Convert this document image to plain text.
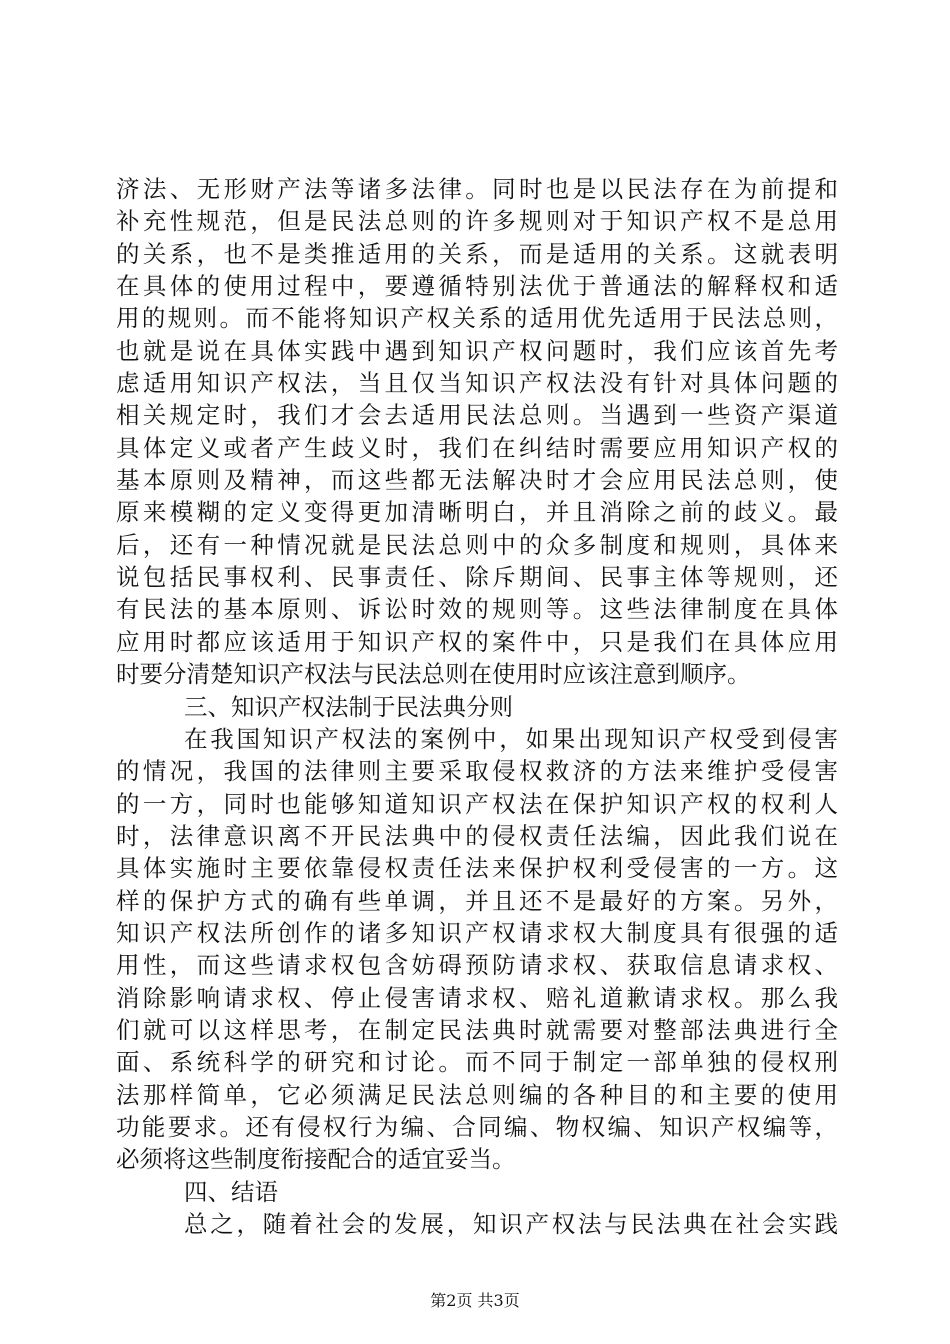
济法、无形财产法等诸多法律。同时也是以民法存在为前提和
补充性规范，但是民法总则的许多规则对于知识产权不是总用
的关系，也不是类推适用的关系，而是适用的关系。这就表明
在具体的使用过程中，要遵循特别法优于普通法的解释权和适
用的规则。而不能将知识产权关系的适用优先适用于民法总则，
也就是说在具体实践中遇到知识产权问题时，我们应该首先考
虑适用知识产权法，当且仅当知识产权法没有针对具体问题的
相关规定时，我们才会去适用民法总则。当遇到一些资产渠道
具体定义或者产生歧义时，我们在纠结时需要应用知识产权的
基本原则及精神，而这些都无法解决时才会应用民法总则，使
原来模糊的定义变得更加清晰明白，并且消除之前的歧义。最
后，还有一种情况就是民法总则中的众多制度和规则，具体来
说包括民事权利、民事责任、除斥期间、民事主体等规则，还
有民法的基本原则、诉讼时效的规则等。这些法律制度在具体
应用时都应该适用于知识产权的案件中，只是我们在具体应用
时要分清楚知识产权法与民法总则在使用时应该注意到顺序。
三、知识产权法制于民法典分则
在我国知识产权法的案例中，如果出现知识产权受到侵害
的情况，我国的法律则主要采取侵权救济的方法来维护受侵害
的一方，同时也能够知道知识产权法在保护知识产权的权利人
时，法律意识离不开民法典中的侵权责任法编，因此我们说在
具体实施时主要依靠侵权责任法来保护权利受侵害的一方。这
样的保护方式的确有些单调，并且还不是最好的方案。另外，
知识产权法所创作的诸多知识产权请求权大制度具有很强的适
用性，而这些请求权包含妨碍预防请求权、获取信息请求权、
消除影响请求权、停止侵害请求权、赔礼道歉请求权。那么我
们就可以这样思考，在制定民法典时就需要对整部法典进行全
面、系统科学的研究和讨论。而不同于制定一部单独的侵权刑
法那样简单，它必须满足民法总则编的各种目的和主要的使用
功能要求。还有侵权行为编、合同编、物权编、知识产权编等，
必须将这些制度衔接配合的适宜妥当。
四、结语
总之，随着社会的发展，知识产权法与民法典在社会实践
第2页 共3页
